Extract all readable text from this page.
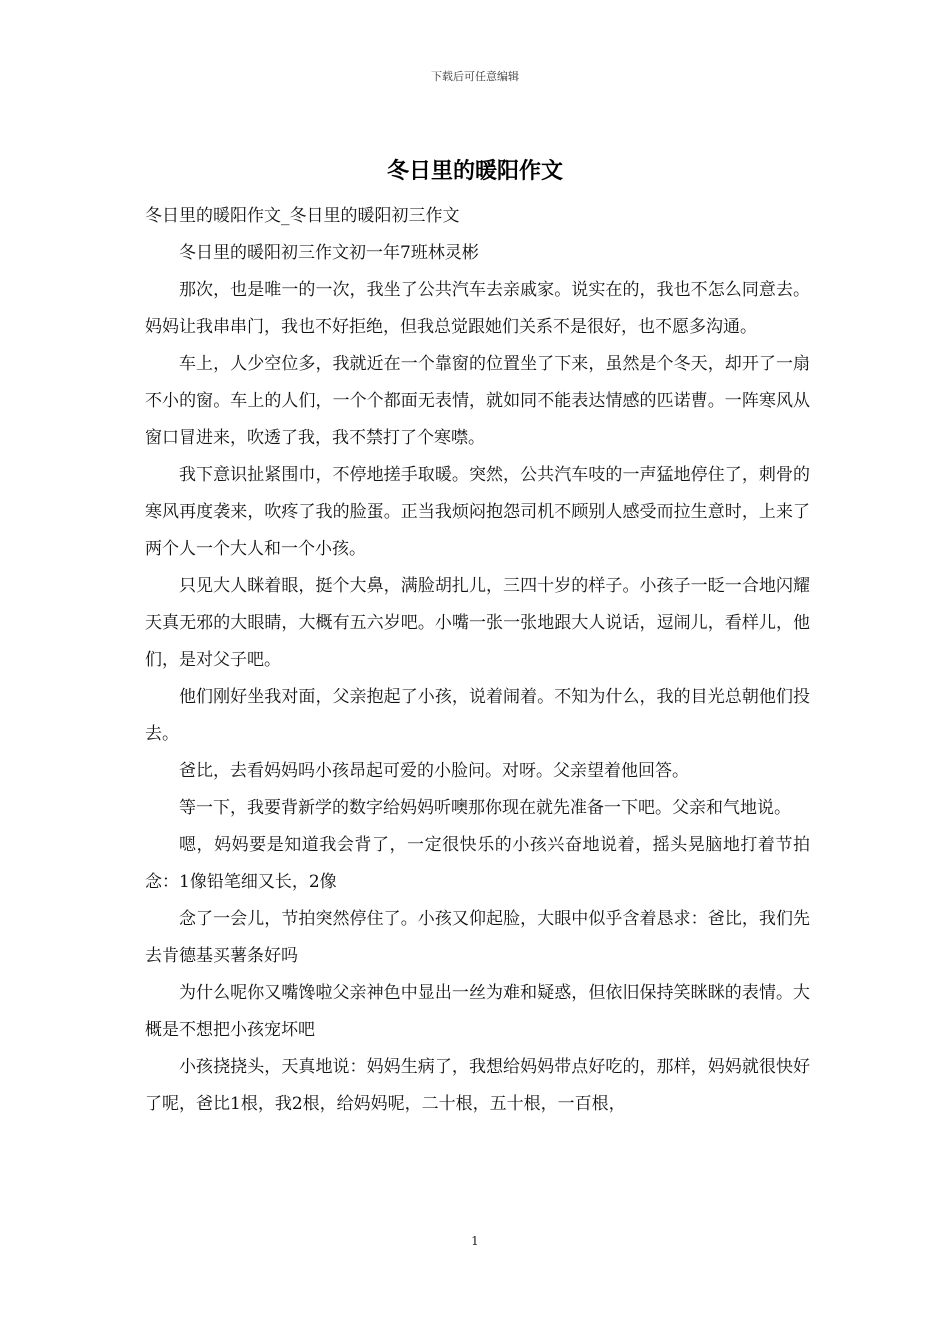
下载后可任意编辑
冬日里的暖阳作文

冬日里的暖阳作文_冬日里的暖阳初三作文

冬日里的暖阳初三作文初一年7班林灵彬

那次，也是唯一的一次，我坐了公共汽车去亲戚家。说实在的，我也不怎么同意去。妈妈让我串串门，我也不好拒绝，但我总觉跟她们关系不是很好，也不愿多沟通。

车上，人少空位多，我就近在一个靠窗的位置坐了下来，虽然是个冬天，却开了一扇不小的窗。车上的人们，一个个都面无表情，就如同不能表达情感的匹诺曹。一阵寒风从窗口冒进来，吹透了我，我不禁打了个寒噤。

我下意识扯紧围巾，不停地搓手取暖。突然，公共汽车吱的一声猛地停住了，刺骨的寒风再度袭来，吹疼了我的脸蛋。正当我烦闷抱怨司机不顾别人感受而拉生意时，上来了两个人一个大人和一个小孩。

只见大人眯着眼，挺个大鼻，满脸胡扎儿，三四十岁的样子。小孩子一眨一合地闪耀天真无邪的大眼睛，大概有五六岁吧。小嘴一张一张地跟大人说话，逗闹儿，看样儿，他们，是对父子吧。

他们刚好坐我对面，父亲抱起了小孩，说着闹着。不知为什么，我的目光总朝他们投去。

爸比，去看妈妈吗小孩昂起可爱的小脸问。对呀。父亲望着他回答。

等一下，我要背新学的数字给妈妈听噢那你现在就先准备一下吧。父亲和气地说。

嗯，妈妈要是知道我会背了，一定很快乐的小孩兴奋地说着，摇头晃脑地打着节拍念：1像铅笔细又长，2像

念了一会儿，节拍突然停住了。小孩又仰起脸，大眼中似乎含着恳求：爸比，我们先去肯德基买薯条好吗

为什么呢你又嘴馋啦父亲神色中显出一丝为难和疑惑，但依旧保持笑眯眯的表情。大概是不想把小孩宠坏吧

小孩挠挠头，天真地说：妈妈生病了，我想给妈妈带点好吃的，那样，妈妈就很快好了呢，爸比1根，我2根，给妈妈呢，二十根，五十根，一百根，

1
